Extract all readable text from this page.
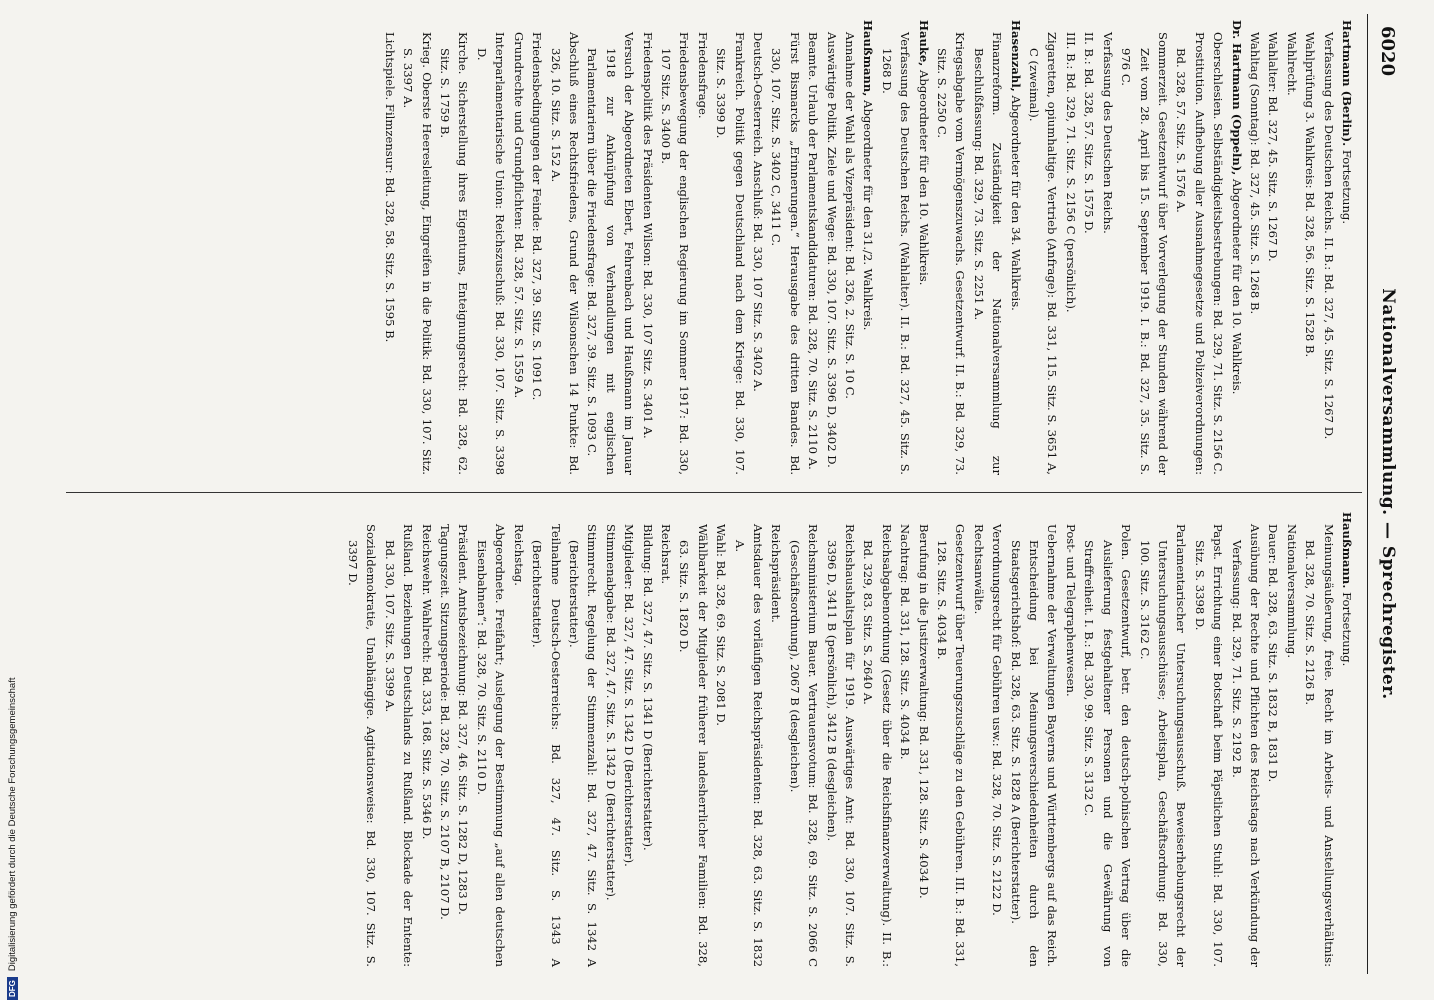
6020
Nationalversammlung. — Sprechregister.

Hartmann (Berlin). Fortsetzung.

Verfassung des Deutschen Reichs. II. B.: Bd. 327, 45. Sitz. S. 1267 D.

Wahlprüfung 3. Wahlkreis: Bd. 328, 56. Sitz. S. 1528 B.

Wahlrecht.

Wahlalter: Bd. 327, 45. Sitz. S. 1267 D.

Wahltag (Sonntag): Bd. 327, 45. Sitz. S. 1268 B.

Dr. Hartmann (Oppeln), Abgeordneter für den 10. Wahlkreis.

Oberschlesien. Selbständigkeitsbestrebungen: Bd. 329, 71. Sitz. S. 2156 C.

Prostitution. Aufhebung aller Ausnahmegesetze und Polizeiverordnungen: Bd. 328, 57. Sitz. S. 1576 A.

Sommerzeit. Gesetzentwurf über Vorverlegung der Stunden während der Zeit vom 28. April bis 15. September 1919. I. B.: Bd. 327, 35. Sitz. S. 976 C.

Verfassung des Deutschen Reichs.

II. B.: Bd. 328, 57. Sitz. S. 1575 D.

III. B.: Bd. 329, 71. Sitz. S. 2156 C (persönlich).

Zigaretten, opiumhaltige. Vertrieb (Anfrage): Bd. 331, 115. Sitz. S. 3651 A, C (zweimal).

Hasenzahl, Abgeordneter für den 34. Wahlkreis.

Finanzreform. Zuständigkeit der Nationalversammlung zur Beschlußfassung: Bd. 329, 73. Sitz. S. 2251 A.

Kriegsabgabe vom Vermögenszuwachs. Gesetzentwurf. II. B.: Bd. 329, 73. Sitz. S. 2250 C.

Hauke, Abgeordneter für den 10. Wahlkreis.

Verfassung des Deutschen Reichs. (Wahlalter). II. B.: Bd. 327, 45. Sitz. S. 1268 D.

Haußmann, Abgeordneter für den 31./2. Wahlkreis.

Annahme der Wahl als Vizepräsident: Bd. 326, 2. Sitz. S. 10 C.

Auswärtige Politik. Ziele und Wege: Bd. 330, 107. Sitz. S. 3396 D, 3402 D.

Beamte. Urlaub der Parlamentskandidaturen: Bd. 328, 70. Sitz. S. 2110 A.

Fürst Bismarcks „Erinnerungen.“ Herausgabe des dritten Bandes. Bd. 330, 107. Sitz. S. 3402 C, 3411 C.

Deutsch-Oesterreich. Anschluß: Bd. 330, 107 Sitz. S. 3402 A.

Frankreich. Politik gegen Deutschland nach dem Kriege: Bd. 330, 107. Sitz. S. 3399 D.

Friedensfrage.

Friedensbewegung der englischen Regierung im Sommer 1917: Bd. 330, 107 Sitz. S. 3400 B.

Friedenspolitik des Präsidenten Wilson: Bd. 330, 107 Sitz. S. 3401 A.

Versuch der Abgeordneten Ebert, Fehrenbach und Haußmann im Januar 1918 zur Anknüpfung von Verhandlungen mit englischen Parlamentariern über die Friedensfrage: Bd. 327, 39. Sitz. S. 1093 C.

Abschluß eines Rechtsfriedens, Grund der Wilsonschen 14 Punkte: Bd. 326, 10. Sitz. S. 152 A.

Friedensbedingungen der Feinde: Bd. 327, 39. Sitz. S. 1091 C.

Grundrechte und Grundpflichten: Bd. 328, 57. Sitz. S. 1559 A.

Interparlamentarische Union: Reichszuschuß: Bd. 330, 107. Sitz. S. 3398 D.

Kirche. Sicherstellung ihres Eigentums, Enteignungsrecht: Bd. 328, 62. Sitz. S. 1759 B.

Krieg. Oberste Heeresleitung, Eingreifen in die Politik: Bd. 330, 107. Sitz. S. 3397 A.

Lichtspiele. Filmzensur: Bd. 328, 58. Sitz. S. 1595 B.

Haußmann. Fortsetzung.

Meinungsäußerung, freie. Recht im Arbeits- und Anstellungsverhältnis: Bd. 328, 70. Sitz. S. 2126 B.

Nationalversammlung.

Dauer: Bd. 328, 63. Sitz. S. 1832 B, 1831 D.

Ausübung der Rechte und Pflichten des Reichstags nach Verkündung der Verfassung: Bd. 329, 71. Sitz. S. 2192 B.

Papst. Errichtung einer Botschaft beim Päpstlichen Stuhl: Bd. 330, 107. Sitz. S. 3398 D.

Parlamentarischer Untersuchungsausschuß. Beweiserhebungsrecht der Untersuchungsausschüsse; Arbeitsplan, Geschäftsordnung: Bd. 330, 100. Sitz. S. 3162 C.

Polen. Gesetzentwurf, betr. den deutsch-polnischen Vertrag über die Auslieferung festgehaltener Personen und die Gewährung von Straffreiheit. I. B.: Bd. 330, 99. Sitz. S. 3132 C.

Post- und Telegraphenwesen.

Uebernahme der Verwaltungen Bayerns und Württembergs auf das Reich. Entscheidung bei Meinungsverschiedenheiten durch den Staatsgerichtshof: Bd. 328, 63. Sitz. S. 1828 A (Berichterstatter).

Verordnungsrecht für Gebühren usw.: Bd. 328, 70. Sitz. S. 2122 D.

Rechtsanwälte.

Gesetzentwurf über Teuerungszuschläge zu den Gebühren. III. B.: Bd. 331, 128. Sitz. S. 4034 B.

Berufung in die Justizverwaltung: Bd. 331, 128. Sitz. S. 4034 D.

Nachtrag: Bd. 331, 128. Sitz. S. 4034 B.

Reichsabgabenordnung (Gesetz über die Reichsfinanzverwaltung). II. B.: Bd. 329, 83. Sitz. S. 2640 A.

Reichshaushaltsplan für 1919. Auswärtiges Amt: Bd. 330, 107. Sitz. S. 3396 D, 3411 B (persönlich), 3412 B (desgleichen).

Reichsministerium Bauer. Vertrauensvotum: Bd. 328, 69. Sitz. S. 2066 C (Geschäftsordnung), 2067 B (desgleichen).

Reichspräsident.

Amtsdauer des vorläufigen Reichspräsidenten: Bd. 328, 63. Sitz. S. 1832 A.

Wahl: Bd. 328, 69. Sitz. S. 2081 D.

Wählbarkeit der Mitglieder früherer landesherrlicher Familien: Bd. 328, 63. Sitz. S. 1820 D.

Reichsrat.

Bildung: Bd. 327, 47. Sitz. S. 1341 D (Berichterstatter).

Mitglieder: Bd. 327, 47. Sitz. S. 1342 D (Berichterstatter).

Stimmenabgabe: Bd. 327, 47. Sitz. S. 1342 D (Berichterstatter).

Stimmrecht. Regelung der Stimmenzahl: Bd. 327, 47. Sitz. S. 1342 A (Berichterstatter).

Teilnahme Deutsch-Oesterreichs: Bd. 327, 47. Sitz. S. 1343 A (Berichterstatter).

Reichstag.

Abgeordnete. Freifahrt; Auslegung der Bestimmung „auf allen deutschen Eisenbahnen“: Bd. 328, 70. Sitz. S. 2110 D.

Präsident. Amtsbezeichnung: Bd. 327, 46. Sitz. S. 1282 D, 1283 D.

Tagungszeit. Sitzungsperiode: Bd. 328, 70. Sitz. S. 2107 B, 2107 D.

Reichswehr. Wahlrecht: Bd. 333, 168. Sitz. S. 5346 D.

Rußland. Beziehungen Deutschlands zu Rußland. Blockade der Entente: Bd. 330, 107. Sitz. S. 3399 A.

Sozialdemokratie, Unabhängige. Agitationsweise: Bd. 330, 107. Sitz. S. 3397 D.

DFG
Digitalisierung gefördert durch die Deutsche Forschungsgemeinschaft
